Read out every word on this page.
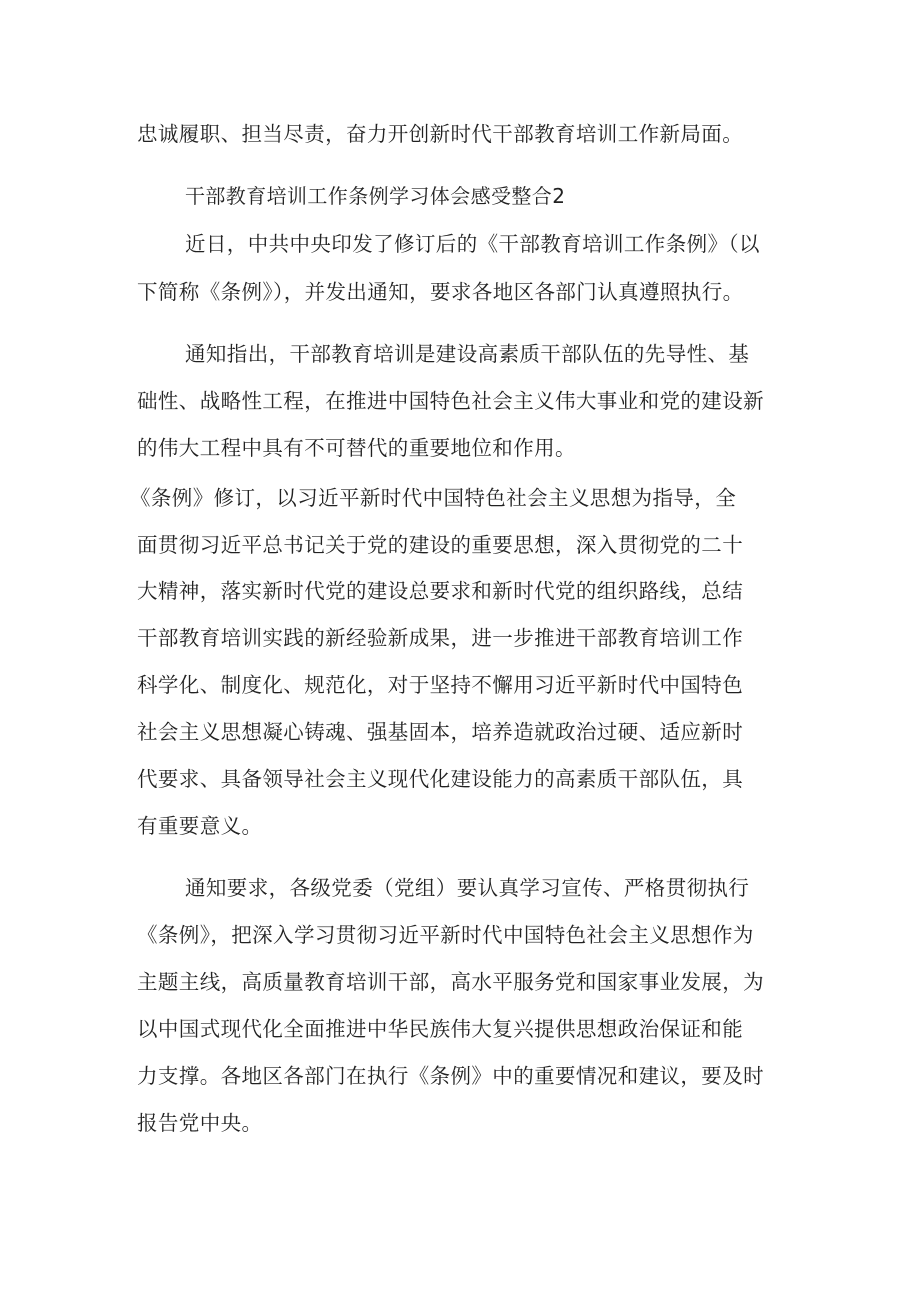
忠诚履职、担当尽责，奋力开创新时代干部教育培训工作新局面。

干部教育培训工作条例学习体会感受整合2

近日，中共中央印发了修订后的《干部教育培训工作条例》（以

下简称《条例》），并发出通知，要求各地区各部门认真遵照执行。

通知指出，干部教育培训是建设高素质干部队伍的先导性、基

础性、战略性工程，在推进中国特色社会主义伟大事业和党的建设新

的伟大工程中具有不可替代的重要地位和作用。

《条例》修订，以习近平新时代中国特色社会主义思想为指导，全

面贯彻习近平总书记关于党的建设的重要思想，深入贯彻党的二十

大精神，落实新时代党的建设总要求和新时代党的组织路线，总结

干部教育培训实践的新经验新成果，进一步推进干部教育培训工作

科学化、制度化、规范化，对于坚持不懈用习近平新时代中国特色

社会主义思想凝心铸魂、强基固本，培养造就政治过硬、适应新时

代要求、具备领导社会主义现代化建设能力的高素质干部队伍，具

有重要意义。

通知要求，各级党委（党组）要认真学习宣传、严格贯彻执行

《条例》，把深入学习贯彻习近平新时代中国特色社会主义思想作为

主题主线，高质量教育培训干部，高水平服务党和国家事业发展，为

以中国式现代化全面推进中华民族伟大复兴提供思想政治保证和能

力支撑。各地区各部门在执行《条例》中的重要情况和建议，要及时

报告党中央。
